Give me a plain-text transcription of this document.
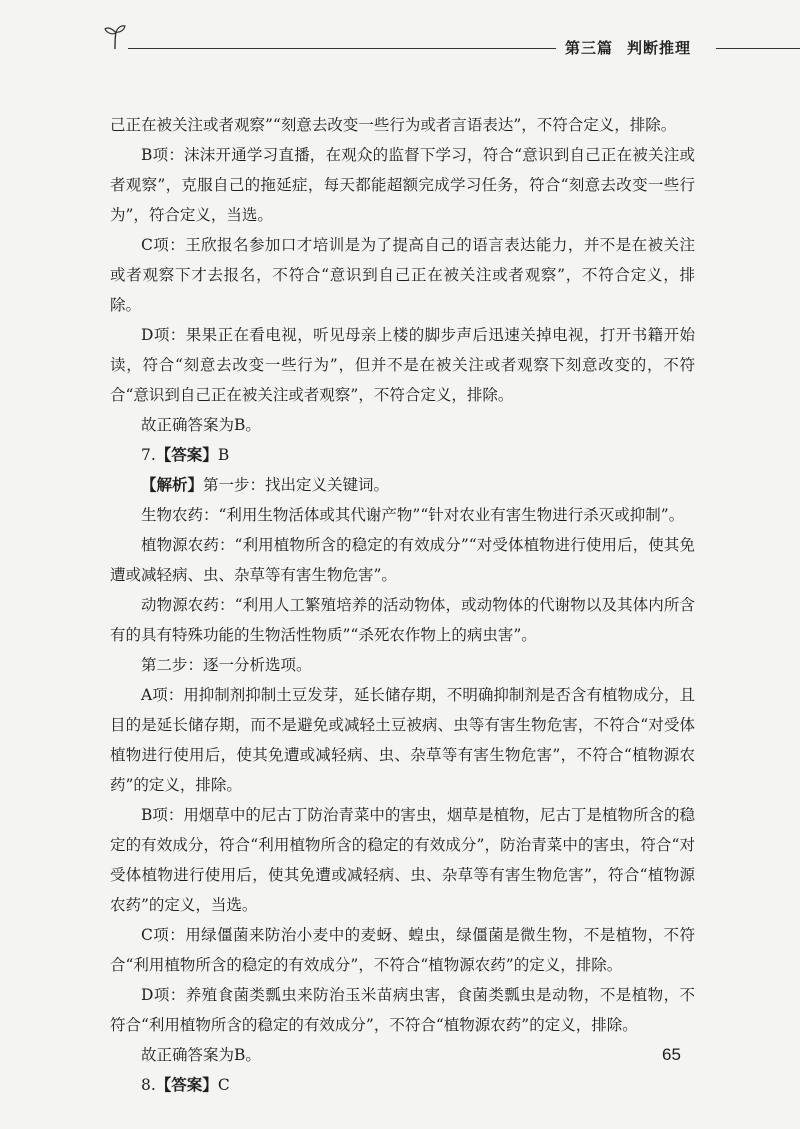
第三篇 判断推理

己正在被关注或者观察”“刻意去改变一些行为或者言语表达”，不符合定义，排除。

B项：沫沫开通学习直播，在观众的监督下学习，符合“意识到自己正在被关注或者观察”，克服自己的拖延症，每天都能超额完成学习任务，符合“刻意去改变一些行为”，符合定义，当选。

C项：王欣报名参加口才培训是为了提高自己的语言表达能力，并不是在被关注或者观察下才去报名，不符合“意识到自己正在被关注或者观察”，不符合定义，排除。

D项：果果正在看电视，听见母亲上楼的脚步声后迅速关掉电视，打开书籍开始读，符合“刻意去改变一些行为”，但并不是在被关注或者观察下刻意改变的，不符合“意识到自己正在被关注或者观察”，不符合定义，排除。

故正确答案为B。

7.【答案】B

【解析】第一步：找出定义关键词。

生物农药：“利用生物活体或其代谢产物”“针对农业有害生物进行杀灭或抑制”。

植物源农药：“利用植物所含的稳定的有效成分”“对受体植物进行使用后，使其免遭或减轻病、虫、杂草等有害生物危害”。

动物源农药：“利用人工繁殖培养的活动物体，或动物体的代谢物以及其体内所含有的具有特殊功能的生物活性物质”“杀死农作物上的病虫害”。

第二步：逐一分析选项。

A项：用抑制剂抑制土豆发芽，延长储存期，不明确抑制剂是否含有植物成分，且目的是延长储存期，而不是避免或减轻土豆被病、虫等有害生物危害，不符合“对受体植物进行使用后，使其免遭或减轻病、虫、杂草等有害生物危害”，不符合“植物源农药”的定义，排除。

B项：用烟草中的尼古丁防治青菜中的害虫，烟草是植物，尼古丁是植物所含的稳定的有效成分，符合“利用植物所含的稳定的有效成分”，防治青菜中的害虫，符合“对受体植物进行使用后，使其免遭或减轻病、虫、杂草等有害生物危害”，符合“植物源农药”的定义，当选。

C项：用绿僵菌来防治小麦中的麦蚜、蝗虫，绿僵菌是微生物，不是植物，不符合“利用植物所含的稳定的有效成分”，不符合“植物源农药”的定义，排除。

D项：养殖食菌类瓢虫来防治玉米苗病虫害，食菌类瓢虫是动物，不是植物，不符合“利用植物所含的稳定的有效成分”，不符合“植物源农药”的定义，排除。

故正确答案为B。

8.【答案】C

65
